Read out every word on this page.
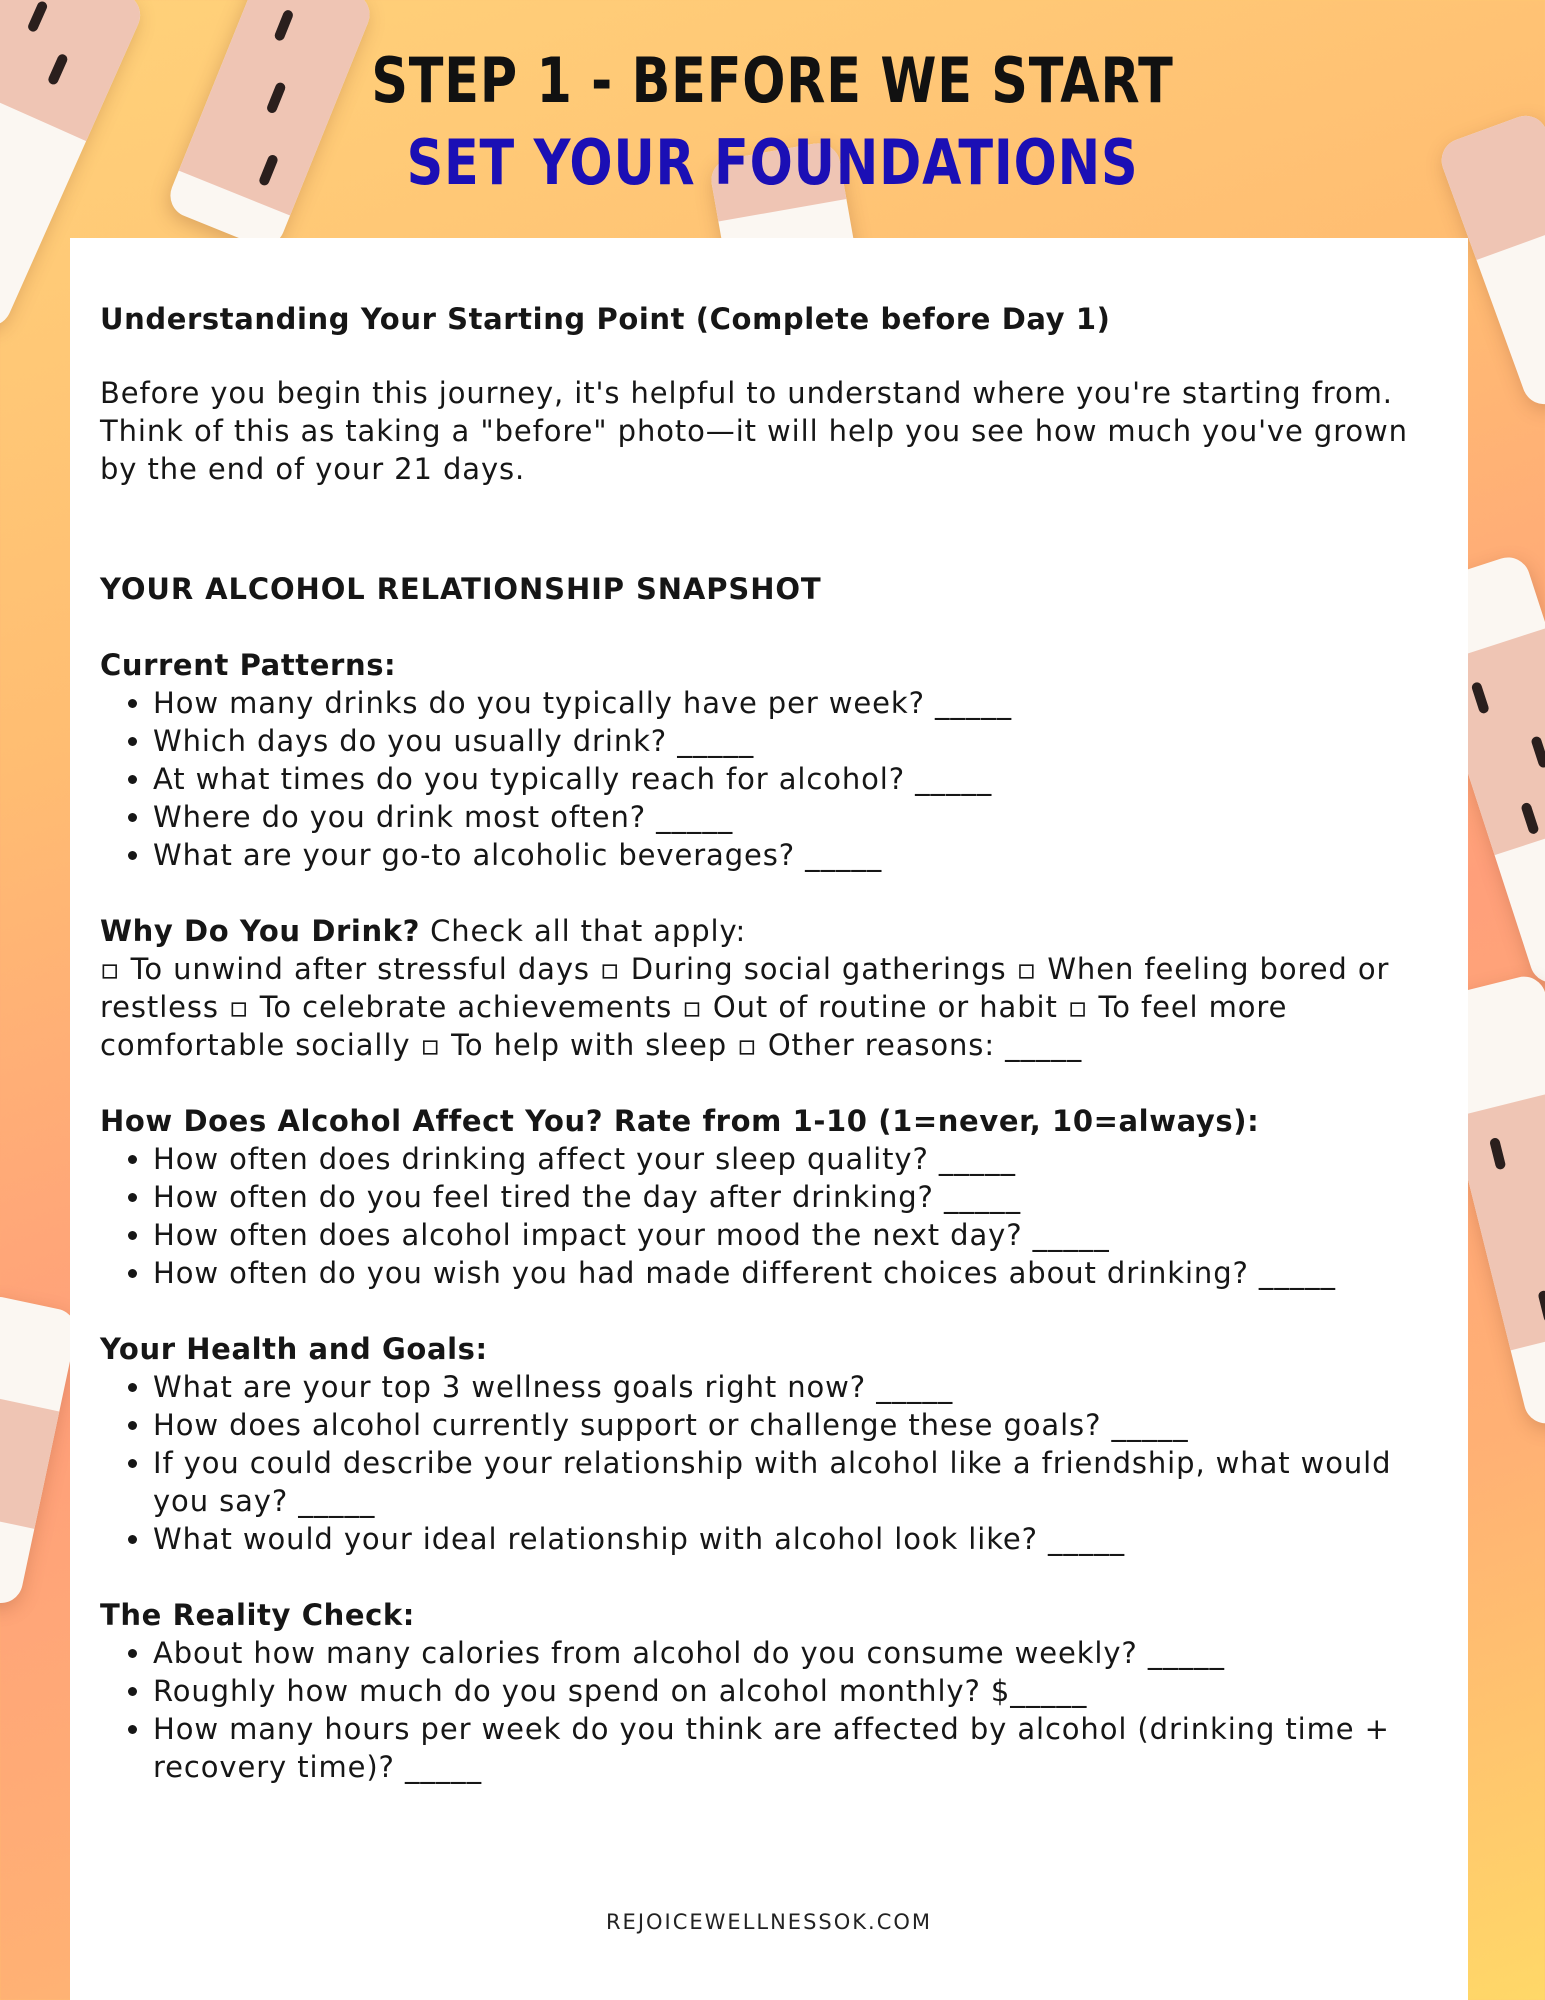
STEP 1 - BEFORE WE START
SET YOUR FOUNDATIONS

Understanding Your Starting Point (Complete before Day 1)

Before you begin this journey, it's helpful to understand where you're starting from. Think of this as taking a "before" photo—it will help you see how much you've grown by the end of your 21 days.

YOUR ALCOHOL RELATIONSHIP SNAPSHOT

Current Patterns:

• How many drinks do you typically have per week? _____
• Which days do you usually drink? _____
• At what times do you typically reach for alcohol? _____
• Where do you drink most often? _____
• What are your go-to alcoholic beverages? _____

Why Do You Drink? Check all that apply:

▫ To unwind after stressful days ▫ During social gatherings ▫ When feeling bored or restless ▫ To celebrate achievements ▫ Out of routine or habit ▫ To feel more comfortable socially ▫ To help with sleep ▫ Other reasons: _____

How Does Alcohol Affect You? Rate from 1-10 (1=never, 10=always):

• How often does drinking affect your sleep quality? _____
• How often do you feel tired the day after drinking? _____
• How often does alcohol impact your mood the next day? _____
• How often do you wish you had made different choices about drinking? _____

Your Health and Goals:

• What are your top 3 wellness goals right now? _____
• How does alcohol currently support or challenge these goals? _____
• If you could describe your relationship with alcohol like a friendship, what would you say? _____
• What would your ideal relationship with alcohol look like? _____

The Reality Check:

• About how many calories from alcohol do you consume weekly? _____
• Roughly how much do you spend on alcohol monthly? $_____
• How many hours per week do you think are affected by alcohol (drinking time + recovery time)? _____
REJOICEWELLNESSOK.COM
